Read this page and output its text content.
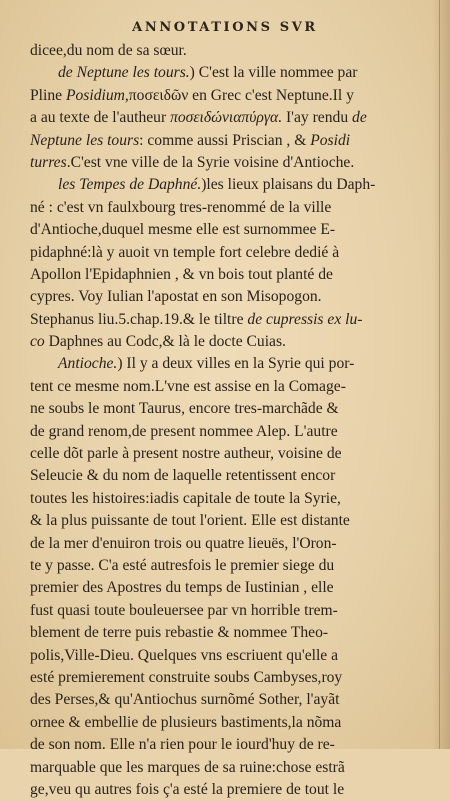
ANNOTATIONS SVR
dicee,du nom de sa sœur.
de Neptune les tours.) C'est la ville nommee par
Pline Posidium,ποσειδῶν en Grec c'est Neptune.Il y
a au texte de l'autheur ποσειδώνιαπύργα. I'ay rendu de
Neptune les tours: comme aussi Priscian , & Posidi
turres.C'est vne ville de la Syrie voisine d'Antioche.
les Tempes de Daphné.)les lieux plaisans du Daph-
né : c'est vn faulxbourg tres-renommé de la ville
d'Antioche,duquel mesme elle est surnommee E-
pidaphné:là y auoit vn temple fort celebre dedié à
Apollon l'Epidaphnien , & vn bois tout planté de
cypres. Voy Iulian l'apostat en son Misopogon.
Stephanus liu.5.chap.19.& le tiltre de cupressis ex lu-
co Daphnes au Codc,& là le docte Cuias.
Antioche.) Il y a deux villes en la Syrie qui por-
tent ce mesme nom.L'vne est assise en la Comage-
ne soubs le mont Taurus, encore tres-marchãde &
de grand renom,de present nommee Alep. L'autre
celle dõt parle à present nostre autheur, voisine de
Seleucie & du nom de laquelle retentissent encor
toutes les histoires:iadis capitale de toute la Syrie,
& la plus puissante de tout l'orient. Elle est distante
de la mer d'enuiron trois ou quatre lieuës, l'Oron-
te y passe. C'a esté autresfois le premier siege du
premier des Apostres du temps de Iustinian , elle
fust quasi toute bouleuersee par vn horrible trem-
blement de terre puis rebastie & nommee Theo-
polis,Ville-Dieu. Quelques vns escriuent qu'elle a
esté premierement construite soubs Cambyses,roy
des Perses,& qu'Antiochus surnõmé Sother, l'ayãt
ornee & embellie de plusieurs bastiments,la nõma
de son nom. Elle n'a rien pour le iourd'huy de re-
marquable que les marques de sa ruine:chose estrã
ge,veu qu autres fois ç'a esté la premiere de tout le
